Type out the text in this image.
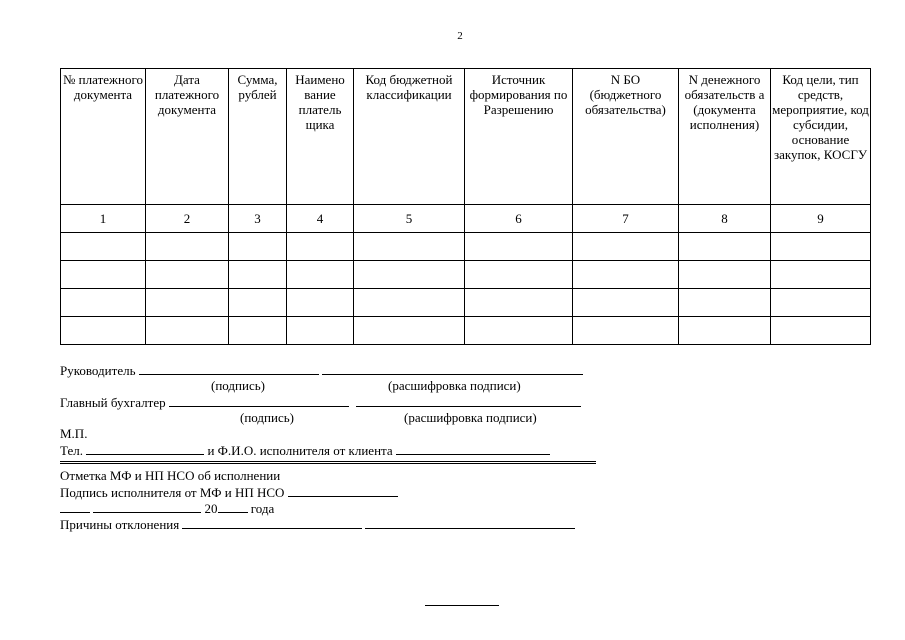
2
№ платежного документа	Дата платежного документа	Сумма, рублей	Наимено вание платель щика	Код бюджетной классификации	Источник формирования по Разрешению	N БО (бюджетного обязательства)	N денежного обязательств а (документа исполнения)	Код цели, тип средств, мероприятие, код субсидии, основание закупок, КОСГУ
1	2	3	4	5	6	7	8	9

Руководитель
(подпись)	(расшифровка подписи)
Главный бухгалтер
(подпись)	(расшифровка подписи)
М.П.
Тел.	и Ф.И.О. исполнителя от клиента
Отметка МФ и НП НСО об исполнении
Подпись исполнителя от МФ и НП НСО
20	года
Причины отклонения
